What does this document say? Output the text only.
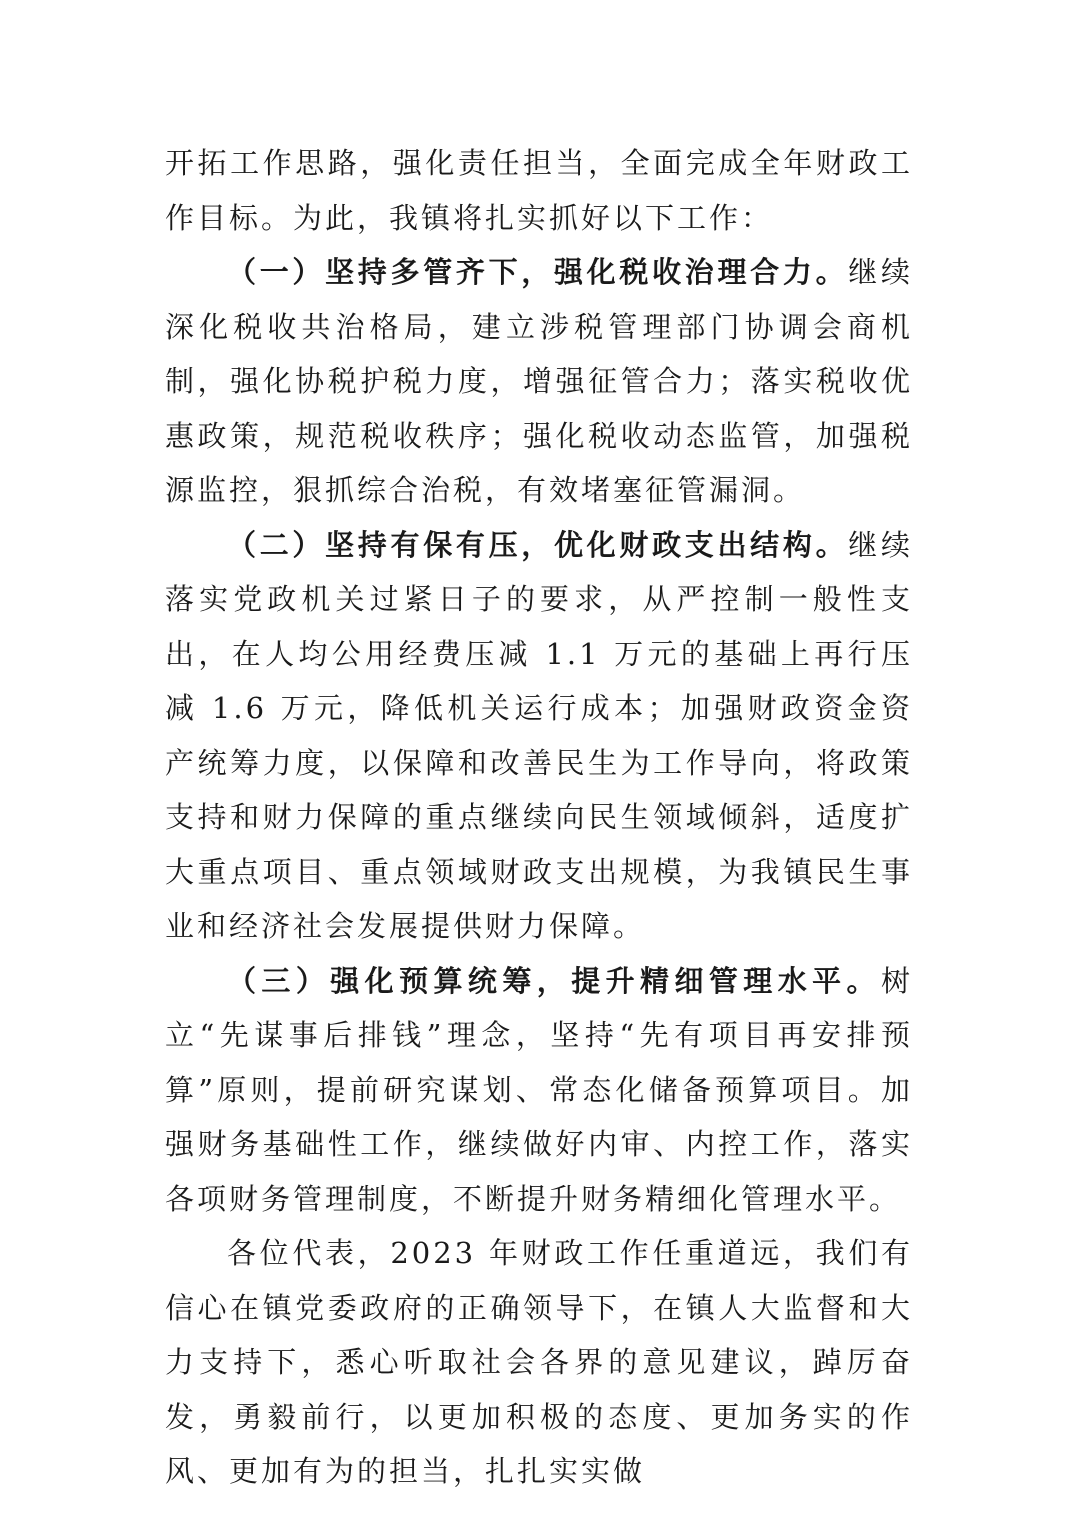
开拓工作思路，强化责任担当，全面完成全年财政工作目标。为此，我镇将扎实抓好以下工作：

（一）坚持多管齐下，强化税收治理合力。继续深化税收共治格局，建立涉税管理部门协调会商机制，强化协税护税力度，增强征管合力；落实税收优惠政策，规范税收秩序；强化税收动态监管，加强税源监控，狠抓综合治税，有效堵塞征管漏洞。

（二）坚持有保有压，优化财政支出结构。继续落实党政机关过紧日子的要求，从严控制一般性支出，在人均公用经费压减 1.1 万元的基础上再行压减 1.6 万元，降低机关运行成本；加强财政资金资产统筹力度，以保障和改善民生为工作导向，将政策支持和财力保障的重点继续向民生领域倾斜，适度扩大重点项目、重点领域财政支出规模，为我镇民生事业和经济社会发展提供财力保障。

（三）强化预算统筹，提升精细管理水平。树立“先谋事后排钱”理念，坚持“先有项目再安排预算”原则，提前研究谋划、常态化储备预算项目。加强财务基础性工作，继续做好内审、内控工作，落实各项财务管理制度，不断提升财务精细化管理水平。

各位代表，2023 年财政工作任重道远，我们有信心在镇党委政府的正确领导下，在镇人大监督和大力支持下，悉心听取社会各界的意见建议，踔厉奋发，勇毅前行，以更加积极的态度、更加务实的作风、更加有为的担当，扎扎实实做
